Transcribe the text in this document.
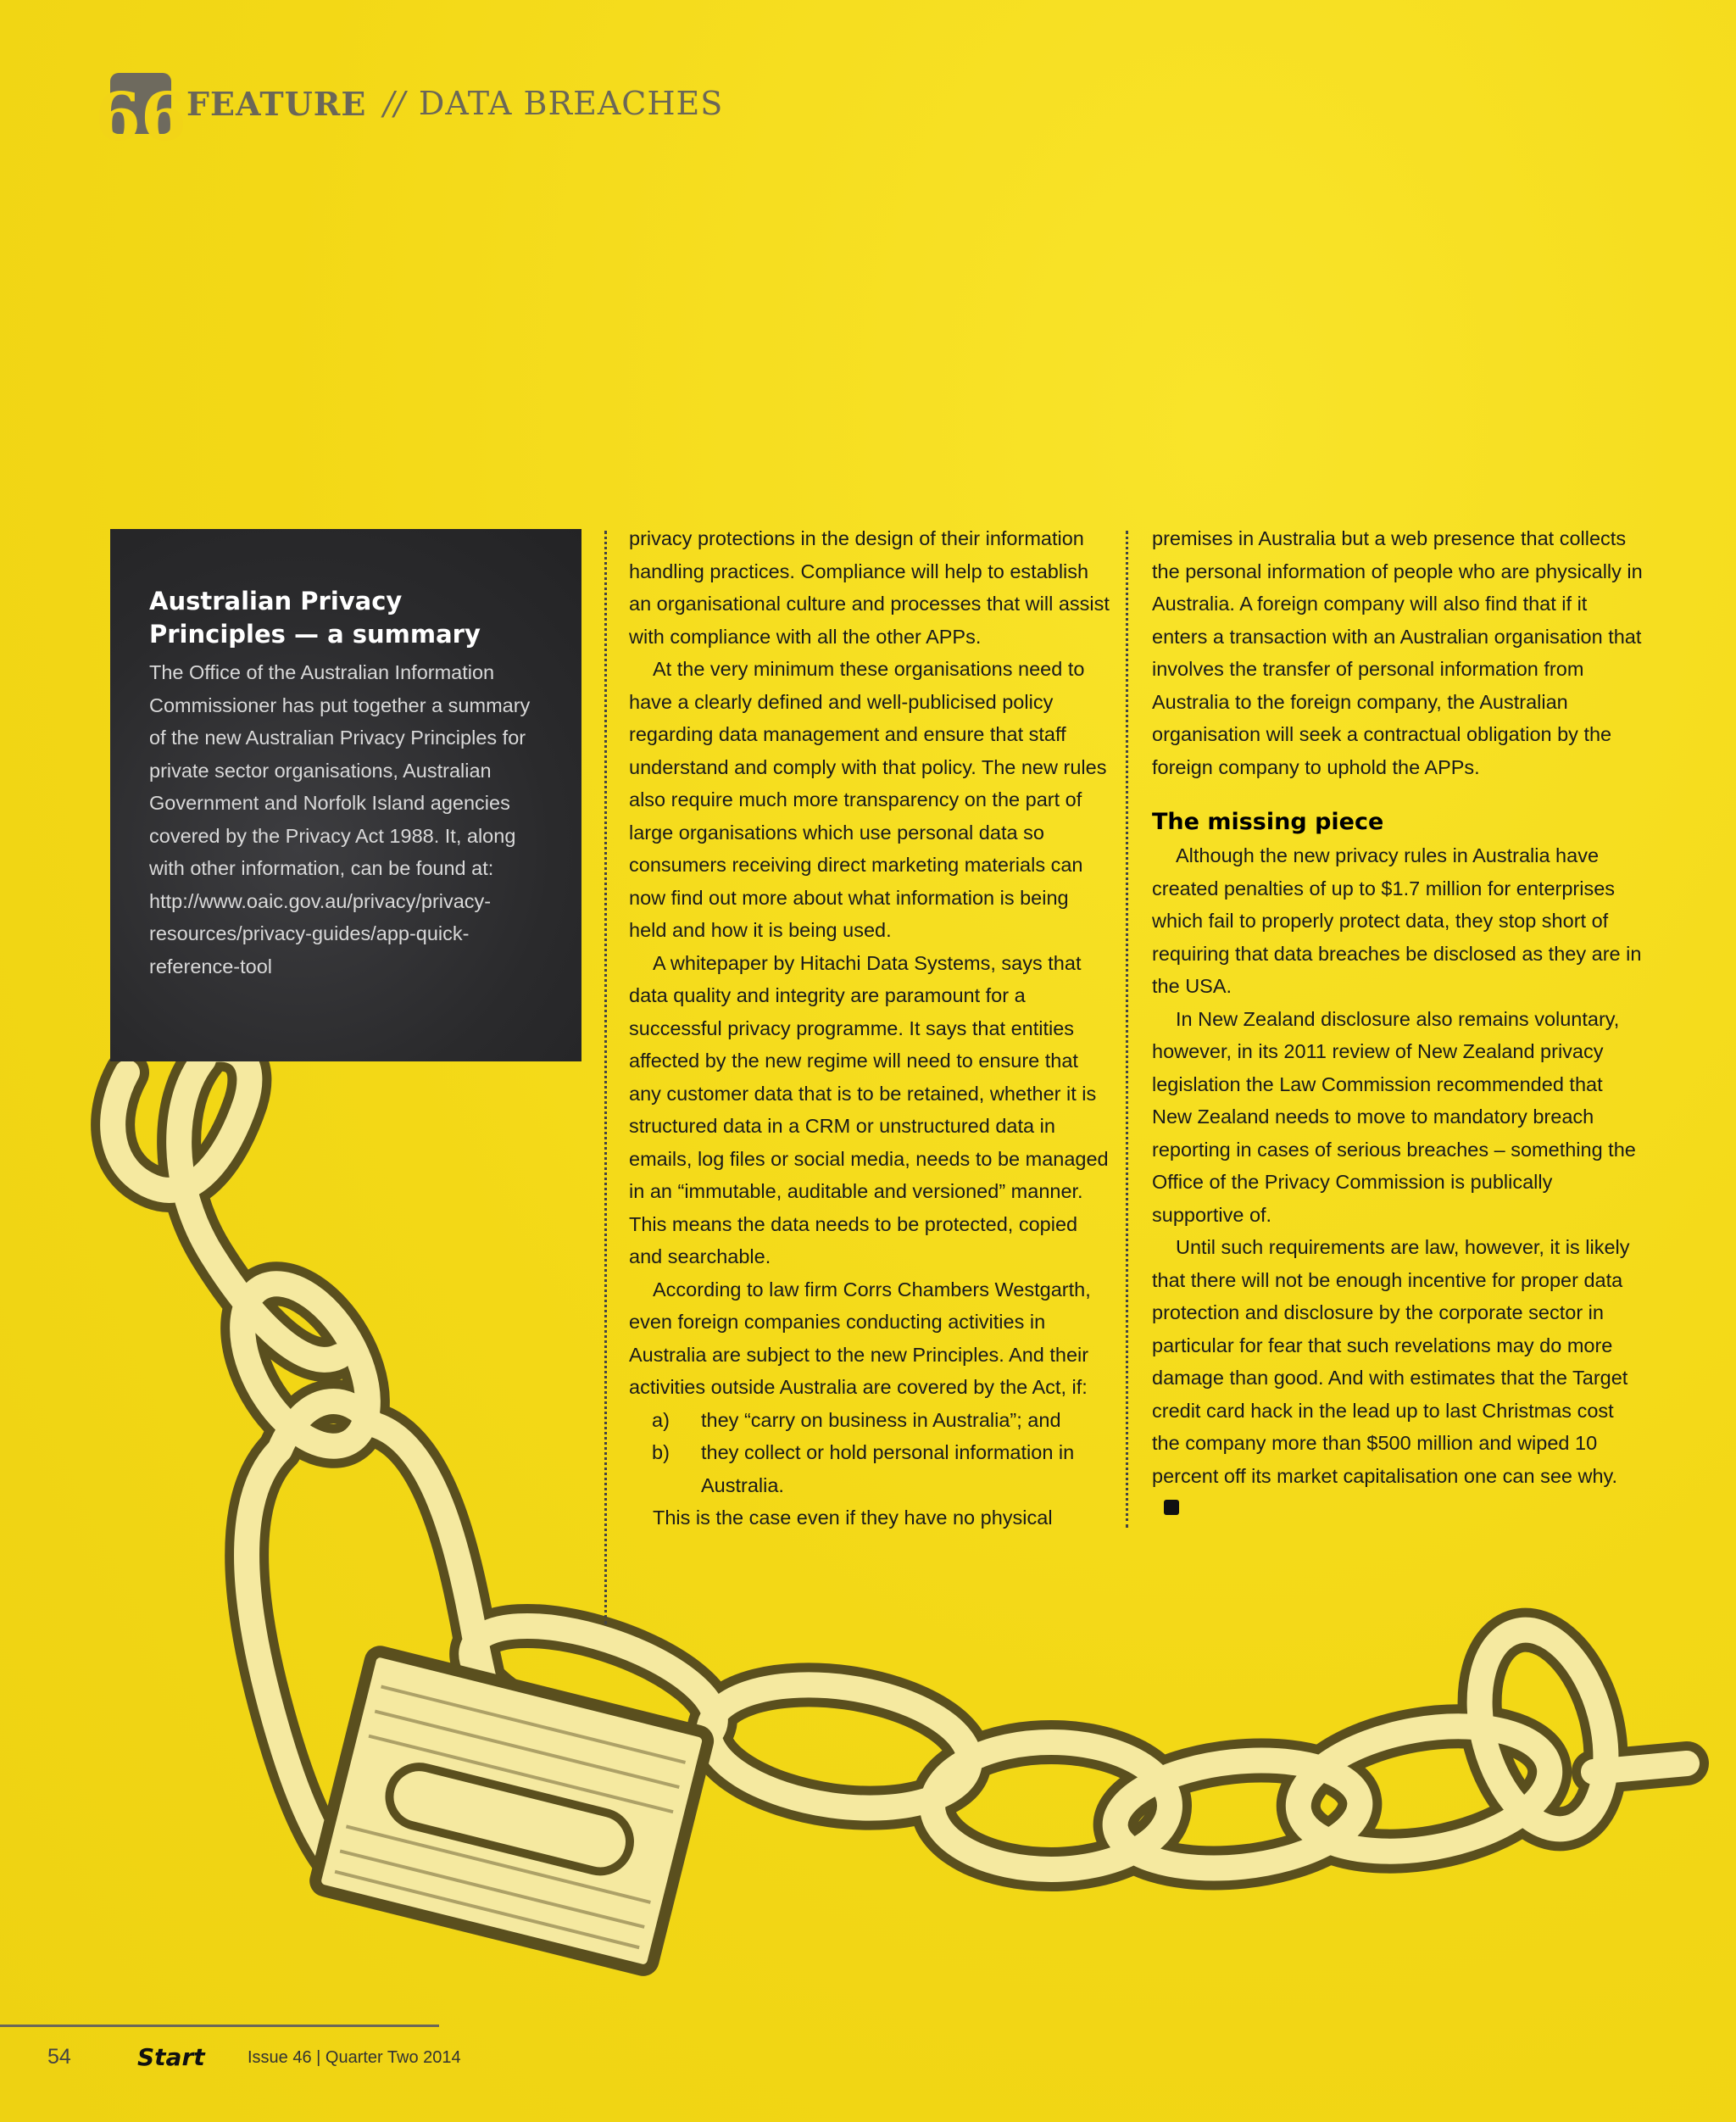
66 FEATURE // DATA BREACHES
Australian Privacy Principles — a summary

The Office of the Australian Information Commissioner has put together a summary of the new Australian Privacy Principles for private sector organisations, Australian Government and Norfolk Island agencies covered by the Privacy Act 1988. It, along with other information, can be found at: http://www.oaic.gov.au/privacy/privacy-resources/privacy-guides/app-quick-reference-tool

privacy protections in the design of their information handling practices. Compliance will help to establish an organisational culture and processes that will assist with compliance with all the other APPs.

At the very minimum these organisations need to have a clearly defined and well-publicised policy regarding data management and ensure that staff understand and comply with that policy. The new rules also require much more transparency on the part of large organisations which use personal data so consumers receiving direct marketing materials can now find out more about what information is being held and how it is being used.

A whitepaper by Hitachi Data Systems, says that data quality and integrity are paramount for a successful privacy programme. It says that entities affected by the new regime will need to ensure that any customer data that is to be retained, whether it is structured data in a CRM or unstructured data in emails, log files or social media, needs to be managed in an “immutable, auditable and versioned” manner. This means the data needs to be protected, copied and searchable.

According to law firm Corrs Chambers Westgarth, even foreign companies conducting activities in Australia are subject to the new Principles. And their activities outside Australia are covered by the Act, if:

a)	they “carry on business in Australia”; and
b)	they collect or hold personal information in Australia.

This is the case even if they have no physical

premises in Australia but a web presence that collects the personal information of people who are physically in Australia. A foreign company will also find that if it enters a transaction with an Australian organisation that involves the transfer of personal information from Australia to the foreign company, the Australian organisation will seek a contractual obligation by the foreign company to uphold the APPs.

The missing piece

Although the new privacy rules in Australia have created penalties of up to $1.7 million for enterprises which fail to properly protect data, they stop short of requiring that data breaches be disclosed as they are in the USA.

In New Zealand disclosure also remains voluntary, however, in its 2011 review of New Zealand privacy legislation the Law Commission recommended that New Zealand needs to move to mandatory breach reporting in cases of serious breaches – something the Office of the Privacy Commission is publically supportive of.

Until such requirements are law, however, it is likely that there will not be enough incentive for proper data protection and disclosure by the corporate sector in particular for fear that such revelations may do more damage than good. And with estimates that the Target credit card hack in the lead up to last Christmas cost the company more than $500 million and wiped 10 percent off its market capitalisation one can see why.

54	Start	Issue 46 | Quarter Two 2014
